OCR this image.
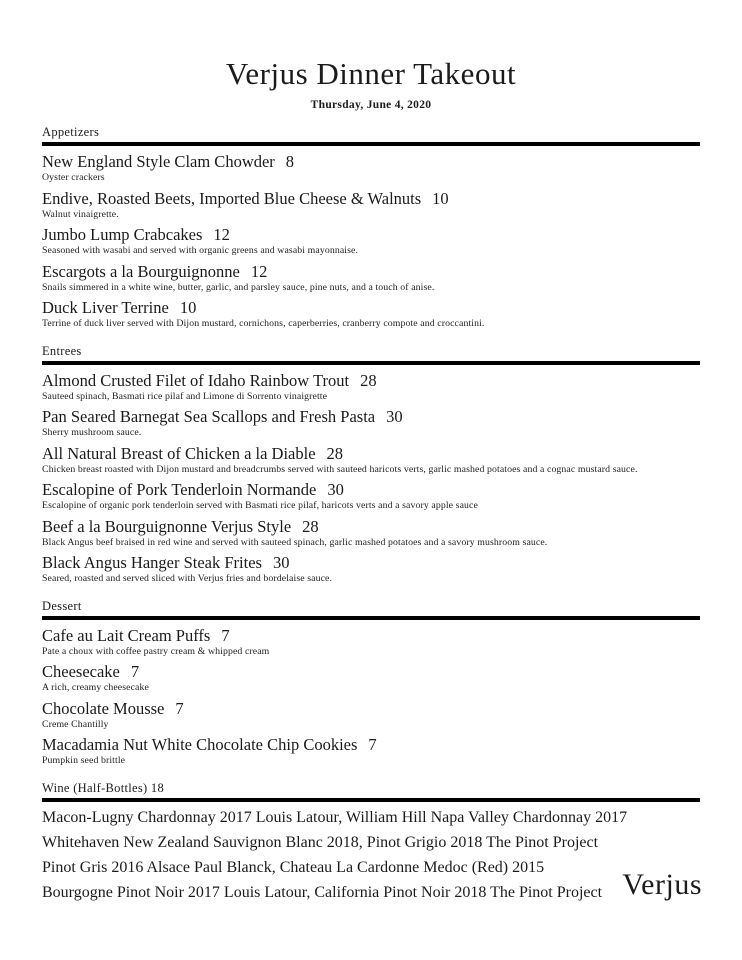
Verjus Dinner Takeout
Thursday, June 4, 2020
Appetizers
New England Style Clam Chowder 8
Oyster crackers
Endive, Roasted Beets, Imported Blue Cheese & Walnuts 10
Walnut vinaigrette.
Jumbo Lump Crabcakes 12
Seasoned with wasabi and served with organic greens and wasabi mayonnaise.
Escargots a la Bourguignonne 12
Snails simmered in a white wine, butter, garlic, and parsley sauce, pine nuts, and a touch of anise.
Duck Liver Terrine 10
Terrine of duck liver served with Dijon mustard, cornichons, caperberries, cranberry compote and croccantini.
Entrees
Almond Crusted Filet of Idaho Rainbow Trout 28
Sauteed spinach, Basmati rice pilaf and Limone di Sorrento vinaigrette
Pan Seared Barnegat Sea Scallops and Fresh Pasta 30
Sherry mushroom sauce.
All Natural Breast of Chicken a la Diable 28
Chicken breast roasted with Dijon mustard and breadcrumbs served with sauteed haricots verts, garlic mashed potatoes and a cognac mustard sauce.
Escalopine of Pork Tenderloin Normande 30
Escalopine of organic pork tenderloin served with Basmati rice pilaf, haricots verts and a savory apple sauce
Beef a la Bourguignonne Verjus Style 28
Black Angus beef braised in red wine and served with sauteed spinach, garlic mashed potatoes and a savory mushroom sauce.
Black Angus Hanger Steak Frites 30
Seared, roasted and served sliced with Verjus fries and bordelaise sauce.
Dessert
Cafe au Lait Cream Puffs 7
Pate a choux with coffee pastry cream & whipped cream
Cheesecake 7
A rich, creamy cheesecake
Chocolate Mousse 7
Creme Chantilly
Macadamia Nut White Chocolate Chip Cookies 7
Pumpkin seed brittle
Wine (Half-Bottles) 18
Macon-Lugny Chardonnay 2017 Louis Latour, William Hill Napa Valley Chardonnay 2017
Whitehaven New Zealand Sauvignon Blanc 2018, Pinot Grigio 2018 The Pinot Project
Pinot Gris 2016 Alsace Paul Blanck, Chateau La Cardonne Medoc (Red) 2015
Bourgogne Pinot Noir 2017 Louis Latour, California Pinot Noir 2018 The Pinot Project Verjus
